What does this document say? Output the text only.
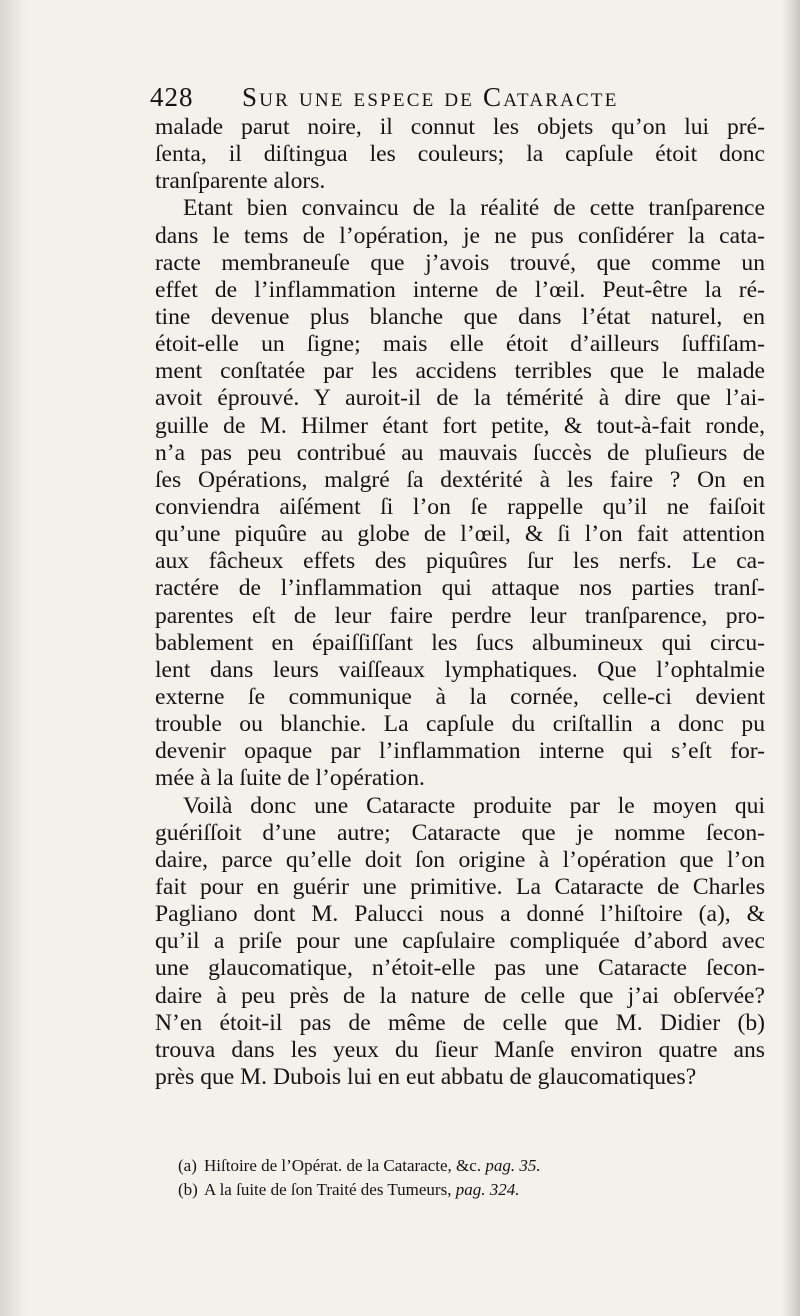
428 Sur une espece de Cataracte
malade parut noire, il connut les objets qu’on lui pré-
ſenta, il diſtingua les couleurs; la capſule étoit donc
tranſparente alors.
Etant bien convaincu de la réalité de cette tranſparence
dans le tems de l’opération, je ne pus conſidérer la cata-
racte membraneuſe que j’avois trouvé, que comme un
effet de l’inflammation interne de l’œil. Peut-être la ré-
tine devenue plus blanche que dans l’état naturel, en
étoit-elle un ſigne; mais elle étoit d’ailleurs ſuffiſam-
ment conſtatée par les accidens terribles que le malade
avoit éprouvé. Y auroit-il de la témérité à dire que l’ai-
guille de M. Hilmer étant fort petite, & tout-à-fait ronde,
n’a pas peu contribué au mauvais ſuccès de pluſieurs de
ſes Opérations, malgré ſa dextérité à les faire ? On en
conviendra aiſément ſi l’on ſe rappelle qu’il ne faiſoit
qu’une piquûre au globe de l’œil, & ſi l’on fait attention
aux fâcheux effets des piquûres ſur les nerfs. Le ca-
ractére de l’inflammation qui attaque nos parties tranſ-
parentes eſt de leur faire perdre leur tranſparence, pro-
bablement en épaiſſiſſant les ſucs albumineux qui circu-
lent dans leurs vaiſſeaux lymphatiques. Que l’ophtalmie
externe ſe communique à la cornée, celle-ci devient
trouble ou blanchie. La capſule du criſtallin a donc pu
devenir opaque par l’inflammation interne qui s’eſt for-
mée à la ſuite de l’opération.
Voilà donc une Cataracte produite par le moyen qui
guériſſoit d’une autre; Cataracte que je nomme ſecon-
daire, parce qu’elle doit ſon origine à l’opération que l’on
fait pour en guérir une primitive. La Cataracte de Charles
Pagliano dont M. Palucci nous a donné l’hiſtoire (a), &
qu’il a priſe pour une capſulaire compliquée d’abord avec
une glaucomatique, n’étoit-elle pas une Cataracte ſecon-
daire à peu près de la nature de celle que j’ai obſervée?
N’en étoit-il pas de même de celle que M. Didier (b)
trouva dans les yeux du ſieur Manſe environ quatre ans
près que M. Dubois lui en eut abbatu de glaucomatiques?
(a) Hiſtoire de l’Opérat. de la Cataracte, &c. pag. 35.
(b) A la ſuite de ſon Traité des Tumeurs, pag. 324.
